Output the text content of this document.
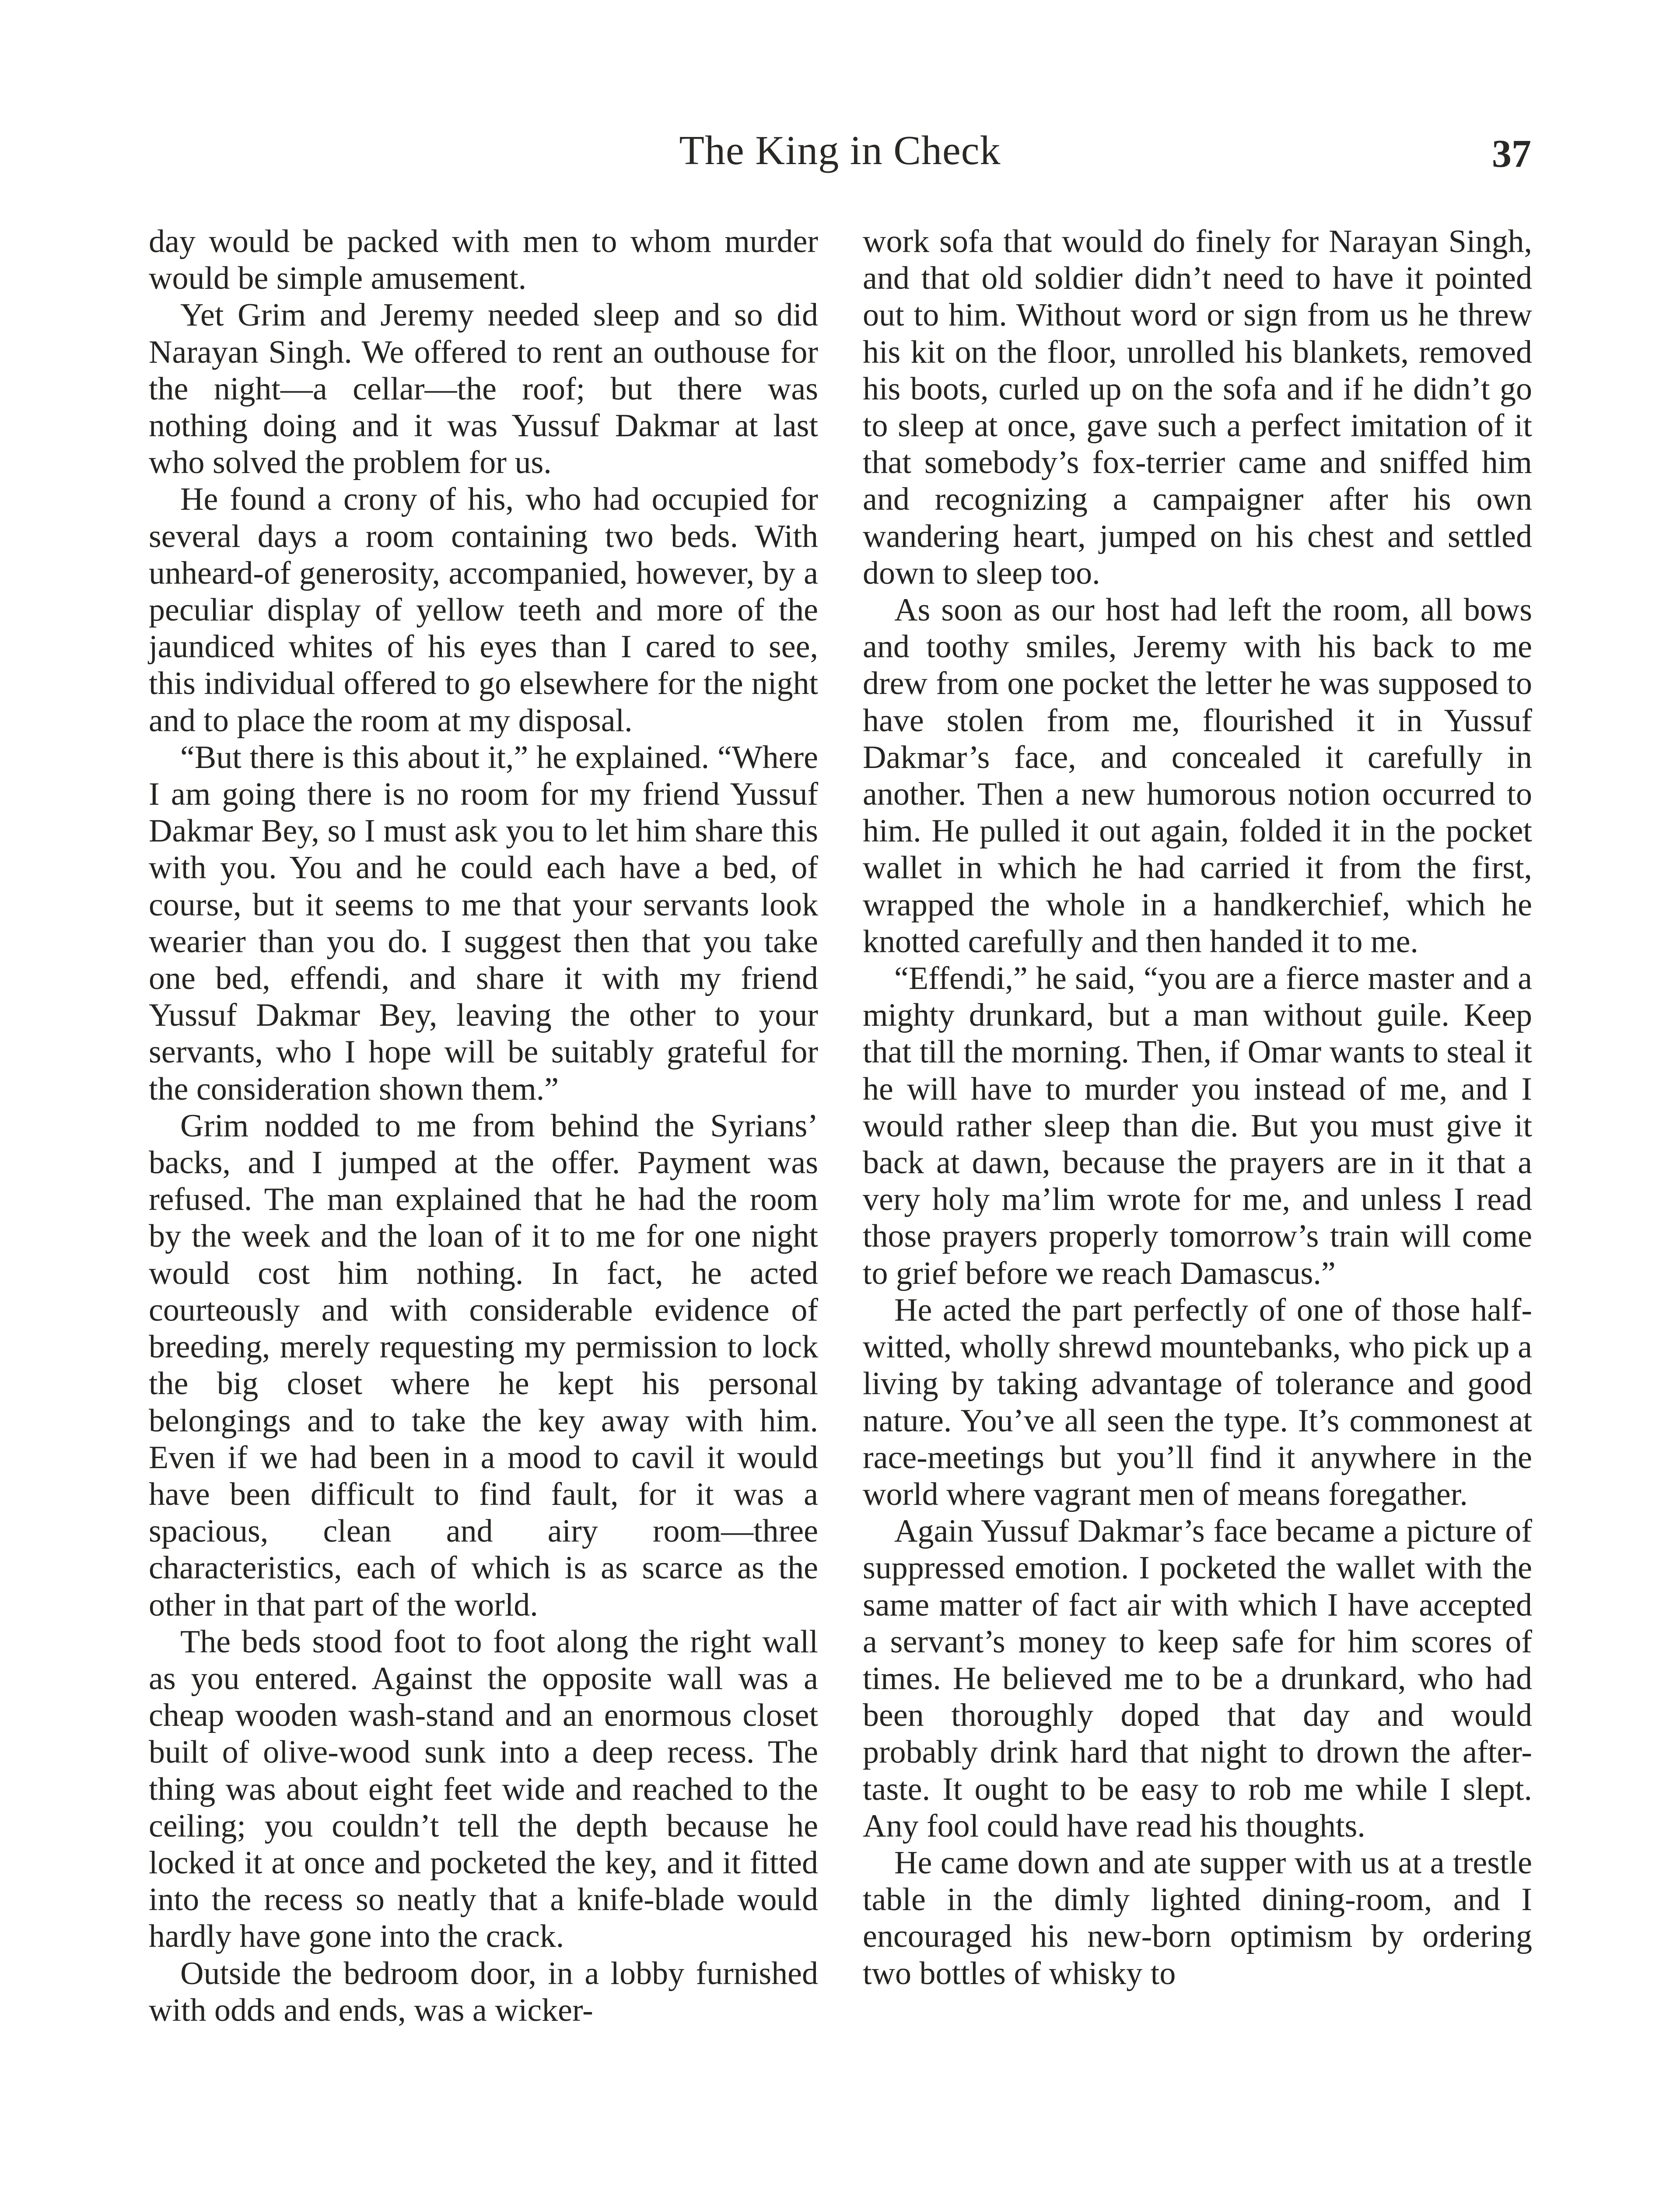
The King in Check	37

day would be packed with men to whom murder would be simple amusement.

Yet Grim and Jeremy needed sleep and so did Narayan Singh. We offered to rent an outhouse for the night—a cellar—the roof; but there was nothing doing and it was Yussuf Dakmar at last who solved the problem for us.

He found a crony of his, who had occupied for several days a room containing two beds. With unheard-of generosity, accompanied, however, by a peculiar display of yellow teeth and more of the jaundiced whites of his eyes than I cared to see, this individual offered to go elsewhere for the night and to place the room at my disposal.

“But there is this about it,” he explained. “Where I am going there is no room for my friend Yussuf Dakmar Bey, so I must ask you to let him share this with you. You and he could each have a bed, of course, but it seems to me that your servants look wearier than you do. I suggest then that you take one bed, effendi, and share it with my friend Yussuf Dakmar Bey, leaving the other to your servants, who I hope will be suitably grateful for the consideration shown them.”

Grim nodded to me from behind the Syrians’ backs, and I jumped at the offer. Payment was refused. The man explained that he had the room by the week and the loan of it to me for one night would cost him nothing. In fact, he acted courteously and with considerable evidence of breeding, merely requesting my permission to lock the big closet where he kept his personal belongings and to take the key away with him. Even if we had been in a mood to cavil it would have been difficult to find fault, for it was a spacious, clean and airy room—three characteristics, each of which is as scarce as the other in that part of the world.

The beds stood foot to foot along the right wall as you entered. Against the opposite wall was a cheap wooden wash-stand and an enormous closet built of olive-wood sunk into a deep recess. The thing was about eight feet wide and reached to the ceiling; you couldn’t tell the depth because he locked it at once and pocketed the key, and it fitted into the recess so neatly that a knife-blade would hardly have gone into the crack.

Outside the bedroom door, in a lobby furnished with odds and ends, was a wicker-

work sofa that would do finely for Narayan Singh, and that old soldier didn’t need to have it pointed out to him. Without word or sign from us he threw his kit on the floor, unrolled his blankets, removed his boots, curled up on the sofa and if he didn’t go to sleep at once, gave such a perfect imitation of it that somebody’s fox-terrier came and sniffed him and recognizing a campaigner after his own wandering heart, jumped on his chest and settled down to sleep too.

As soon as our host had left the room, all bows and toothy smiles, Jeremy with his back to me drew from one pocket the letter he was supposed to have stolen from me, flourished it in Yussuf Dakmar’s face, and concealed it carefully in another. Then a new humorous notion occurred to him. He pulled it out again, folded it in the pocket wallet in which he had carried it from the first, wrapped the whole in a handkerchief, which he knotted carefully and then handed it to me.

“Effendi,” he said, “you are a fierce master and a mighty drunkard, but a man without guile. Keep that till the morning. Then, if Omar wants to steal it he will have to murder you instead of me, and I would rather sleep than die. But you must give it back at dawn, because the prayers are in it that a very holy ma’lim wrote for me, and unless I read those prayers properly tomorrow’s train will come to grief before we reach Damascus.”

He acted the part perfectly of one of those half-witted, wholly shrewd mountebanks, who pick up a living by taking advantage of tolerance and good nature. You’ve all seen the type. It’s commonest at race-meetings but you’ll find it anywhere in the world where vagrant men of means foregather.

Again Yussuf Dakmar’s face became a picture of suppressed emotion. I pocketed the wallet with the same matter of fact air with which I have accepted a servant’s money to keep safe for him scores of times. He believed me to be a drunkard, who had been thoroughly doped that day and would probably drink hard that night to drown the after-taste. It ought to be easy to rob me while I slept. Any fool could have read his thoughts.

He came down and ate supper with us at a trestle table in the dimly lighted dining-room, and I encouraged his new-born optimism by ordering two bottles of whisky to
